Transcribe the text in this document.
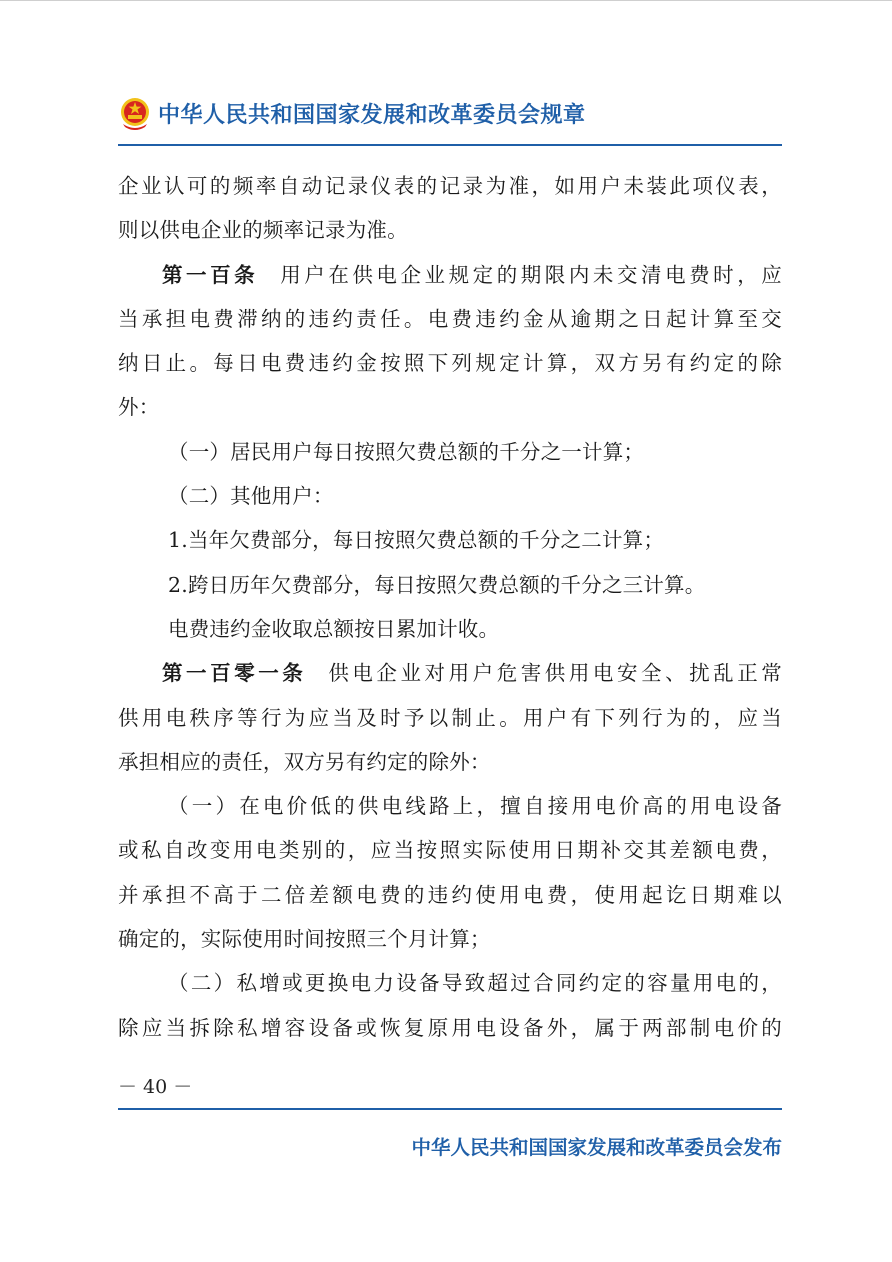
中华人民共和国国家发展和改革委员会规章
企业认可的频率自动记录仪表的记录为准，如用户未装此项仪表，
则以供电企业的频率记录为准。
第一百条 用户在供电企业规定的期限内未交清电费时，应
当承担电费滞纳的违约责任。电费违约金从逾期之日起计算至交
纳日止。每日电费违约金按照下列规定计算，双方另有约定的除
外：
（一）居民用户每日按照欠费总额的千分之一计算；
（二）其他用户：
1.当年欠费部分，每日按照欠费总额的千分之二计算；
2.跨日历年欠费部分，每日按照欠费总额的千分之三计算。
电费违约金收取总额按日累加计收。
第一百零一条 供电企业对用户危害供用电安全、扰乱正常
供用电秩序等行为应当及时予以制止。用户有下列行为的，应当
承担相应的责任，双方另有约定的除外：
（一）在电价低的供电线路上，擅自接用电价高的用电设备
或私自改变用电类别的，应当按照实际使用日期补交其差额电费，
并承担不高于二倍差额电费的违约使用电费，使用起讫日期难以
确定的，实际使用时间按照三个月计算；
（二）私增或更换电力设备导致超过合同约定的容量用电的，
除应当拆除私增容设备或恢复原用电设备外，属于两部制电价的
－ 40 －
中华人民共和国国家发展和改革委员会发布
